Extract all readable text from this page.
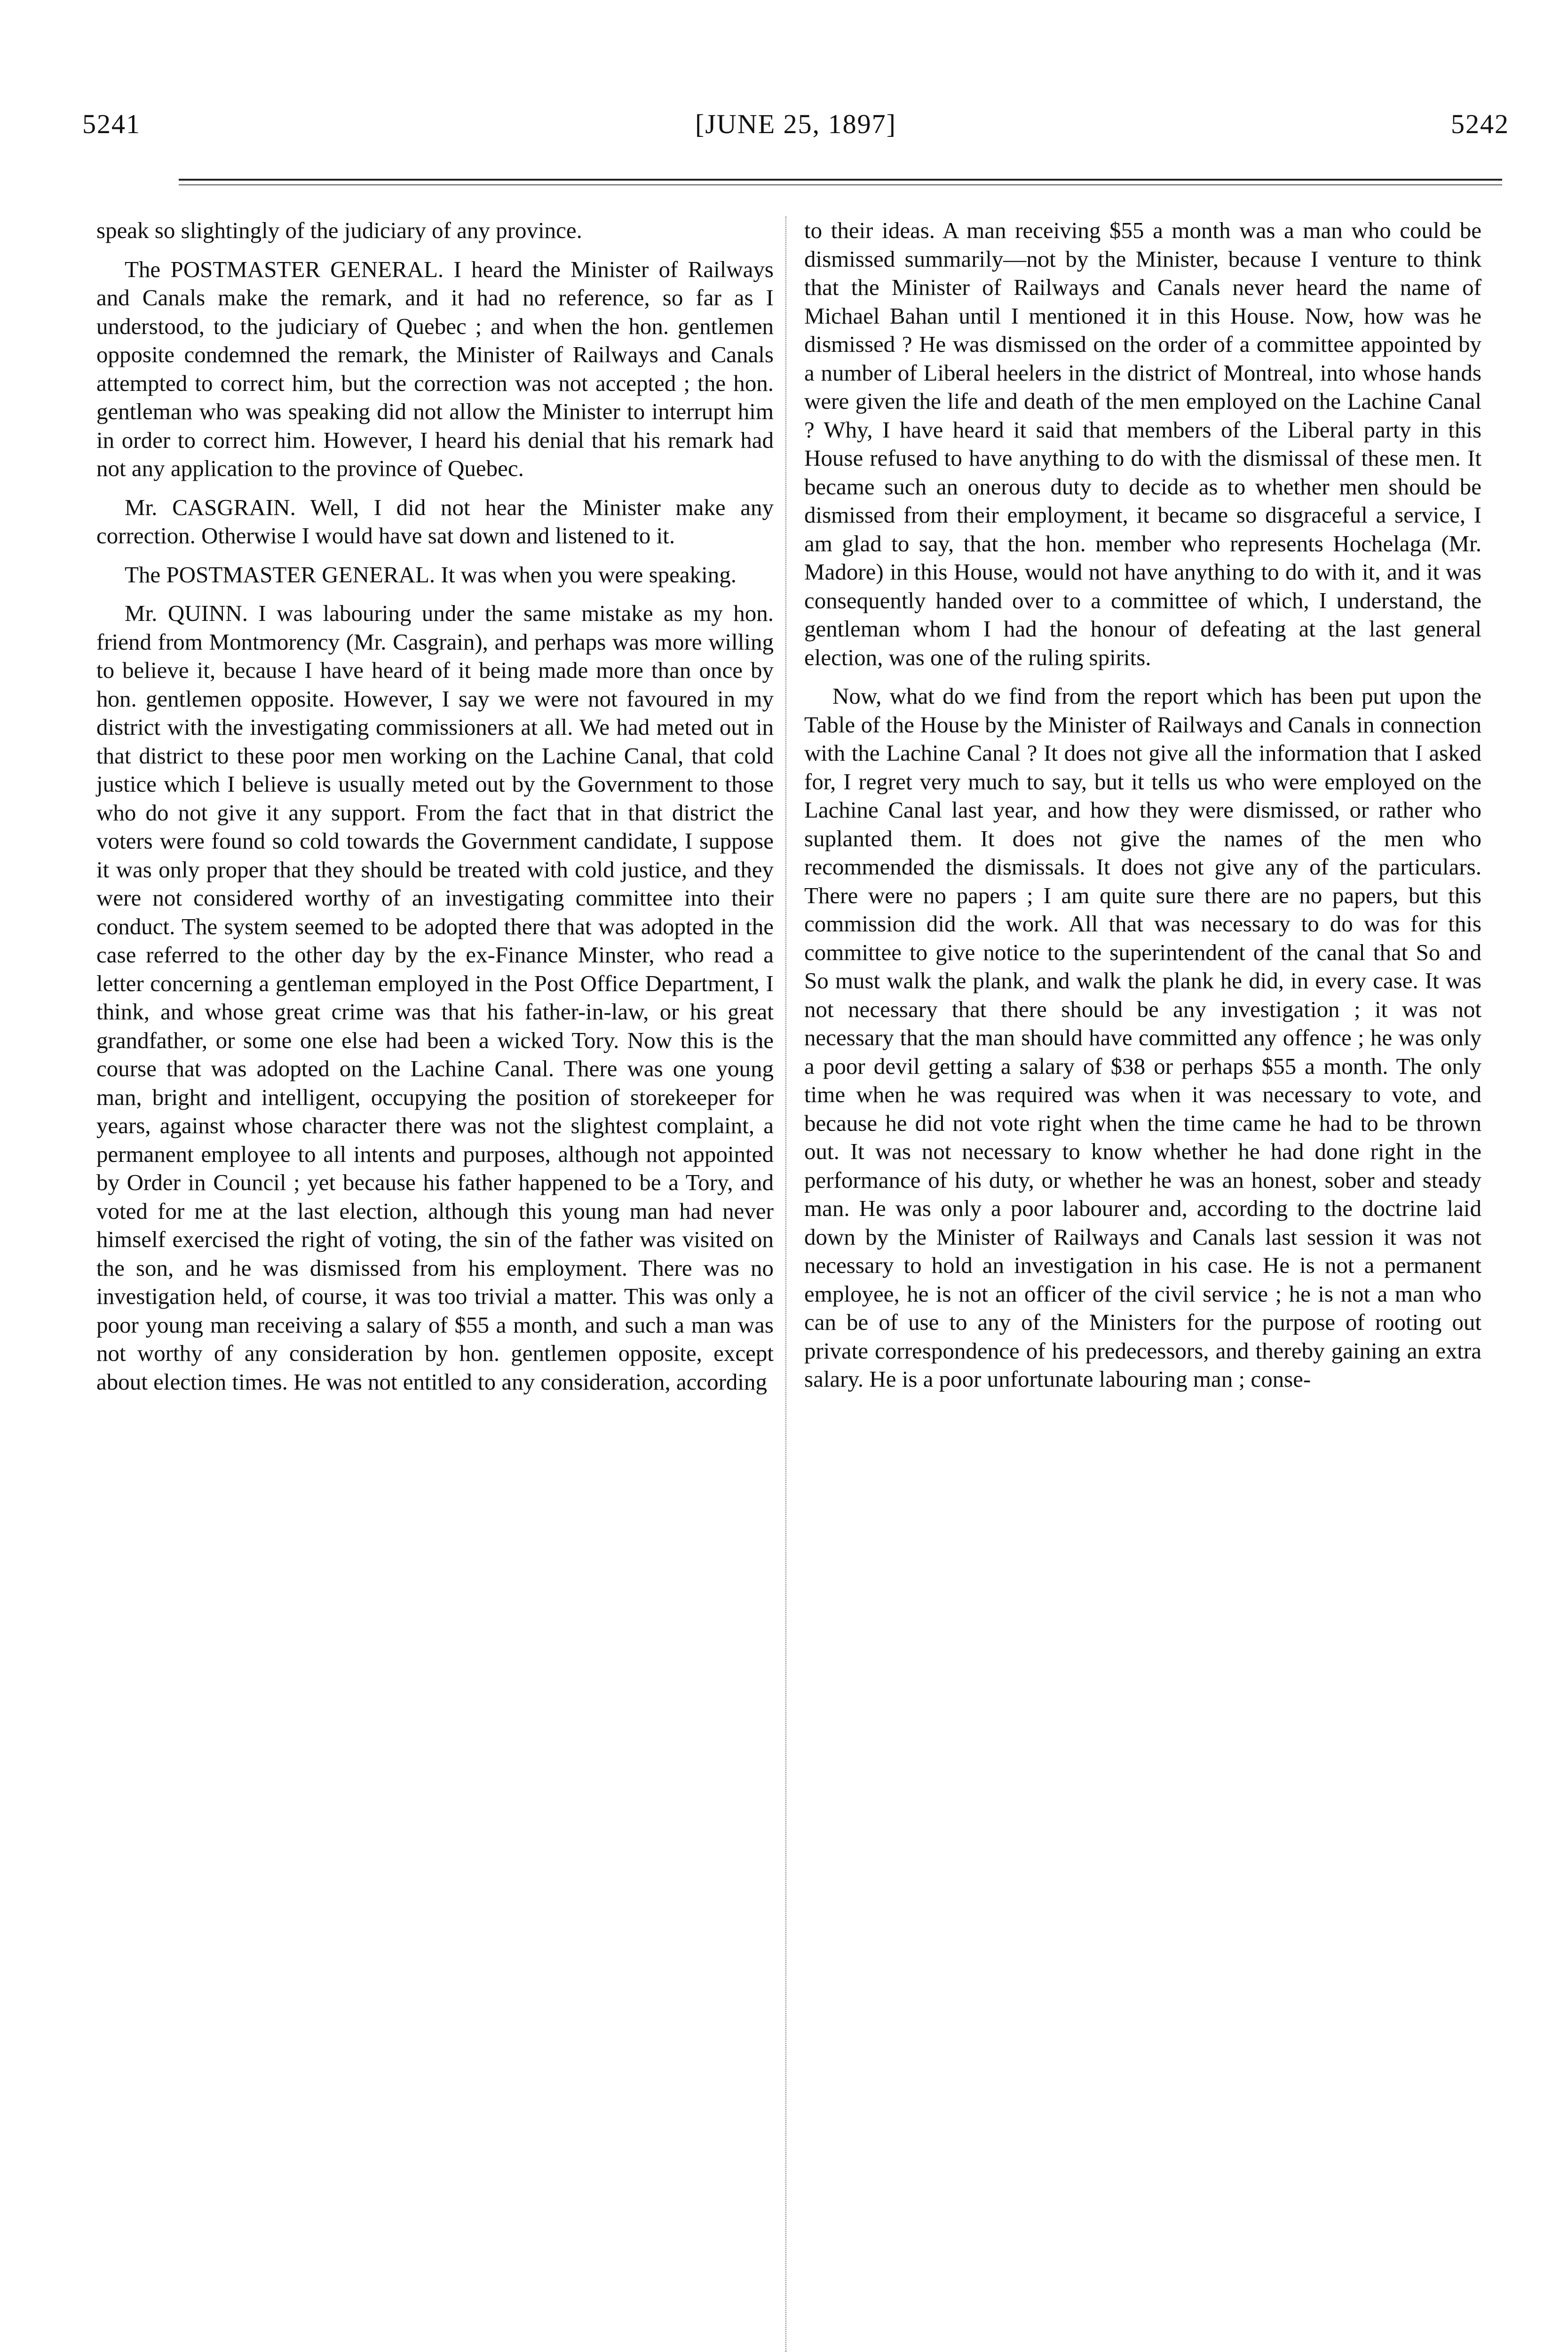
5241	[JUNE 25, 1897]	5242

speak so slightingly of the judiciary of any province.

The POSTMASTER GENERAL. I heard the Minister of Railways and Canals make the remark, and it had no reference, so far as I understood, to the judiciary of Quebec ; and when the hon. gentlemen opposite condemned the remark, the Minister of Railways and Canals attempted to correct him, but the correction was not accepted ; the hon. gentleman who was speaking did not allow the Minister to interrupt him in order to correct him. However, I heard his denial that his remark had not any application to the province of Quebec.

Mr. CASGRAIN. Well, I did not hear the Minister make any correction. Otherwise I would have sat down and listened to it.

The POSTMASTER GENERAL. It was when you were speaking.

Mr. QUINN. I was labouring under the same mistake as my hon. friend from Montmorency (Mr. Casgrain), and perhaps was more willing to believe it, because I have heard of it being made more than once by hon. gentlemen opposite. However, I say we were not favoured in my district with the investigating commissioners at all. We had meted out in that district to these poor men working on the Lachine Canal, that cold justice which I believe is usually meted out by the Government to those who do not give it any support. From the fact that in that district the voters were found so cold towards the Government candidate, I suppose it was only proper that they should be treated with cold justice, and they were not considered worthy of an investigating committee into their conduct. The system seemed to be adopted there that was adopted in the case referred to the other day by the ex-Finance Minster, who read a letter concerning a gentleman employed in the Post Office Department, I think, and whose great crime was that his father-in-law, or his great grandfather, or some one else had been a wicked Tory. Now this is the course that was adopted on the Lachine Canal. There was one young man, bright and intelligent, occupying the position of storekeeper for years, against whose character there was not the slightest complaint, a permanent employee to all intents and purposes, although not appointed by Order in Council ; yet because his father happened to be a Tory, and voted for me at the last election, although this young man had never himself exercised the right of voting, the sin of the father was visited on the son, and he was dismissed from his employment. There was no investigation held, of course, it was too trivial a matter. This was only a poor young man receiving a salary of $55 a month, and such a man was not worthy of any consideration by hon. gentlemen opposite, except about election times. He was not entitled to any consideration, according

to their ideas. A man receiving $55 a month was a man who could be dismissed summarily—not by the Minister, because I venture to think that the Minister of Railways and Canals never heard the name of Michael Bahan until I mentioned it in this House. Now, how was he dismissed ? He was dismissed on the order of a committee appointed by a number of Liberal heelers in the district of Montreal, into whose hands were given the life and death of the men employed on the Lachine Canal ? Why, I have heard it said that members of the Liberal party in this House refused to have anything to do with the dismissal of these men. It became such an onerous duty to decide as to whether men should be dismissed from their employment, it became so disgraceful a service, I am glad to say, that the hon. member who represents Hochelaga (Mr. Madore) in this House, would not have anything to do with it, and it was consequently handed over to a committee of which, I understand, the gentleman whom I had the honour of defeating at the last general election, was one of the ruling spirits.

Now, what do we find from the report which has been put upon the Table of the House by the Minister of Railways and Canals in connection with the Lachine Canal ? It does not give all the information that I asked for, I regret very much to say, but it tells us who were employed on the Lachine Canal last year, and how they were dismissed, or rather who suplanted them. It does not give the names of the men who recommended the dismissals. It does not give any of the particulars. There were no papers ; I am quite sure there are no papers, but this commission did the work. All that was necessary to do was for this committee to give notice to the superintendent of the canal that So and So must walk the plank, and walk the plank he did, in every case. It was not necessary that there should be any investigation ; it was not necessary that the man should have committed any offence ; he was only a poor devil getting a salary of $38 or perhaps $55 a month. The only time when he was required was when it was necessary to vote, and because he did not vote right when the time came he had to be thrown out. It was not necessary to know whether he had done right in the performance of his duty, or whether he was an honest, sober and steady man. He was only a poor labourer and, according to the doctrine laid down by the Minister of Railways and Canals last session it was not necessary to hold an investigation in his case. He is not a permanent employee, he is not an officer of the civil service ; he is not a man who can be of use to any of the Ministers for the purpose of rooting out private correspondence of his predecessors, and thereby gaining an extra salary. He is a poor unfortunate labouring man ; conse-
